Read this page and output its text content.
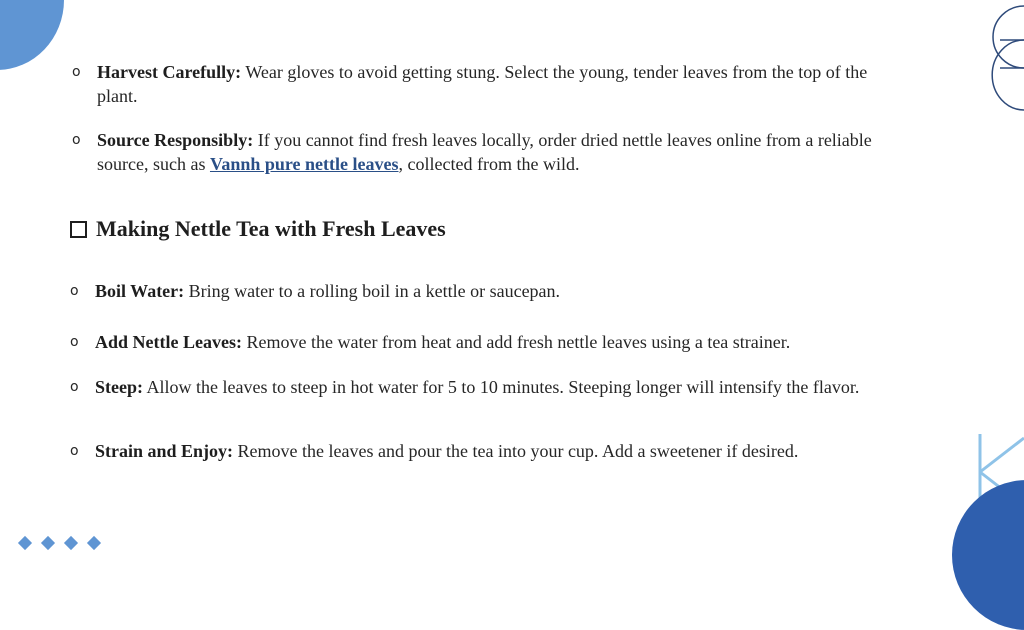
o Harvest Carefully: Wear gloves to avoid getting stung. Select the young, tender leaves from the top of the plant.
o Source Responsibly: If you cannot find fresh leaves locally, order dried nettle leaves online from a reliable source, such as Vannh pure nettle leaves, collected from the wild.
Making Nettle Tea with Fresh Leaves
o Boil Water: Bring water to a rolling boil in a kettle or saucepan.
o Add Nettle Leaves: Remove the water from heat and add fresh nettle leaves using a tea strainer.
o Steep: Allow the leaves to steep in hot water for 5 to 10 minutes. Steeping longer will intensify the flavor.
o Strain and Enjoy: Remove the leaves and pour the tea into your cup. Add a sweetener if desired.
